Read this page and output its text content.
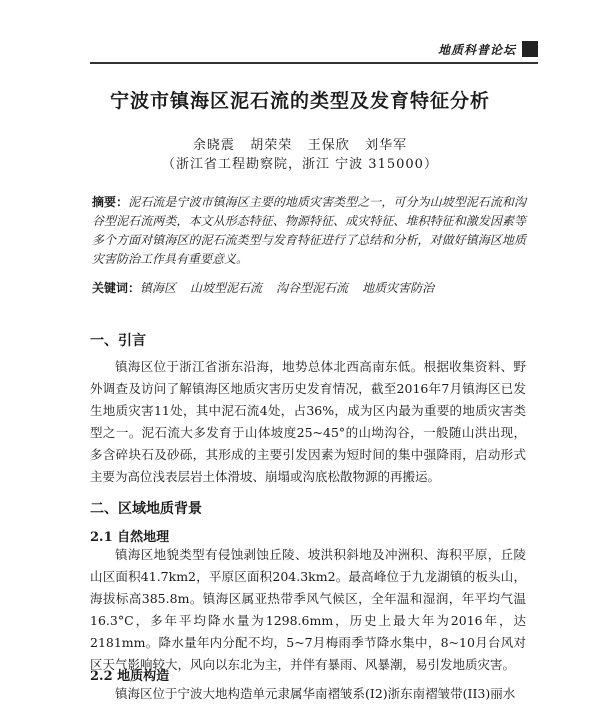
地质科普论坛
宁波市镇海区泥石流的类型及发育特征分析
余晓震 胡荣荣 王保欣 刘华军
（浙江省工程勘察院，浙江 宁波 315000）
摘要：泥石流是宁波市镇海区主要的地质灾害类型之一，可分为山坡型泥石流和沟谷型泥石流两类，本文从形态特征、物源特征、成灾特征、堆积特征和激发因素等多个方面对镇海区的泥石流类型与发育特征进行了总结和分析，对做好镇海区地质灾害防治工作具有重要意义。
关键词：镇海区 山坡型泥石流 沟谷型泥石流 地质灾害防治
一、引言
镇海区位于浙江省浙东沿海，地势总体北西高南东低。根据收集资料、野外调查及访问了解镇海区地质灾害历史发育情况，截至2016年7月镇海区已发生地质灾害11处，其中泥石流4处，占36%，成为区内最为重要的地质灾害类型之一。泥石流大多发育于山体坡度25~45°的山坳沟谷，一般随山洪出现，多含碎块石及砂砾，其形成的主要引发因素为短时间的集中强降雨，启动形式主要为高位浅表层岩土体滑坡、崩塌或沟底松散物源的再搬运。
二、区域地质背景
2.1 自然地理
镇海区地貌类型有侵蚀剥蚀丘陵、坡洪积斜地及冲洲积、海积平原，丘陵山区面积41.7km2，平原区面积204.3km2。最高峰位于九龙湖镇的板头山，海拔标高385.8m。镇海区属亚热带季风气候区，全年温和湿润，年平均气温16.3°C，多年平均降水量为1298.6mm，历史上最大年为2016年，达2181mm。降水量年内分配不均，5~7月梅雨季节降水集中，8~10月台风对区天气影响较大，风向以东北为主，并伴有暴雨、风暴潮，易引发地质灾害。
2.2 地质构造
镇海区位于宁波大地构造单元隶属华南褶皱系(I2)浙东南褶皱带(II3)丽水
